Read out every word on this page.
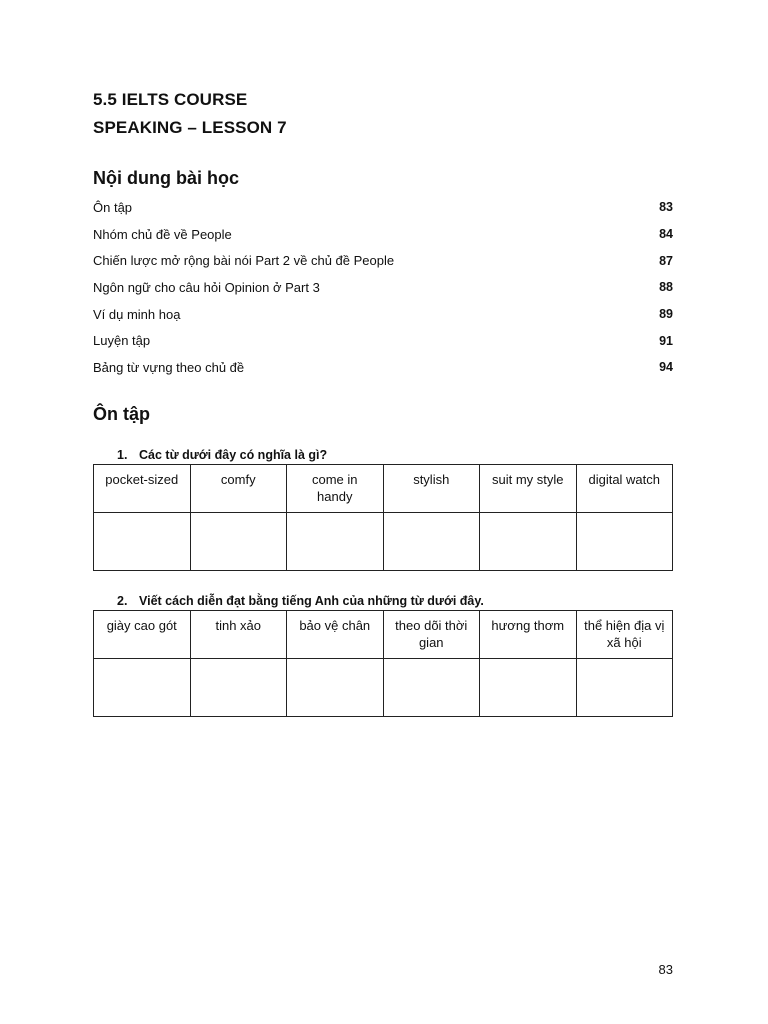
5.5 IELTS COURSE
SPEAKING – LESSON 7
Nội dung bài học
Ôn tập	83
Nhóm chủ đề về People	84
Chiến lược mở rộng bài nói Part 2 về chủ đề People	87
Ngôn ngữ cho câu hỏi Opinion ở Part 3	88
Ví dụ minh hoạ	89
Luyện tập	91
Bảng từ vựng theo chủ đề	94
Ôn tập
1. Các từ dưới đây có nghĩa là gì?
pocket-sized	comfy	come in handy	stylish	suit my style	digital watch

2. Viết cách diễn đạt bằng tiếng Anh của những từ dưới đây.
giày cao gót	tinh xảo	bảo vệ chân	theo dõi thời gian	hương thơm	thể hiện địa vị xã hội

83
